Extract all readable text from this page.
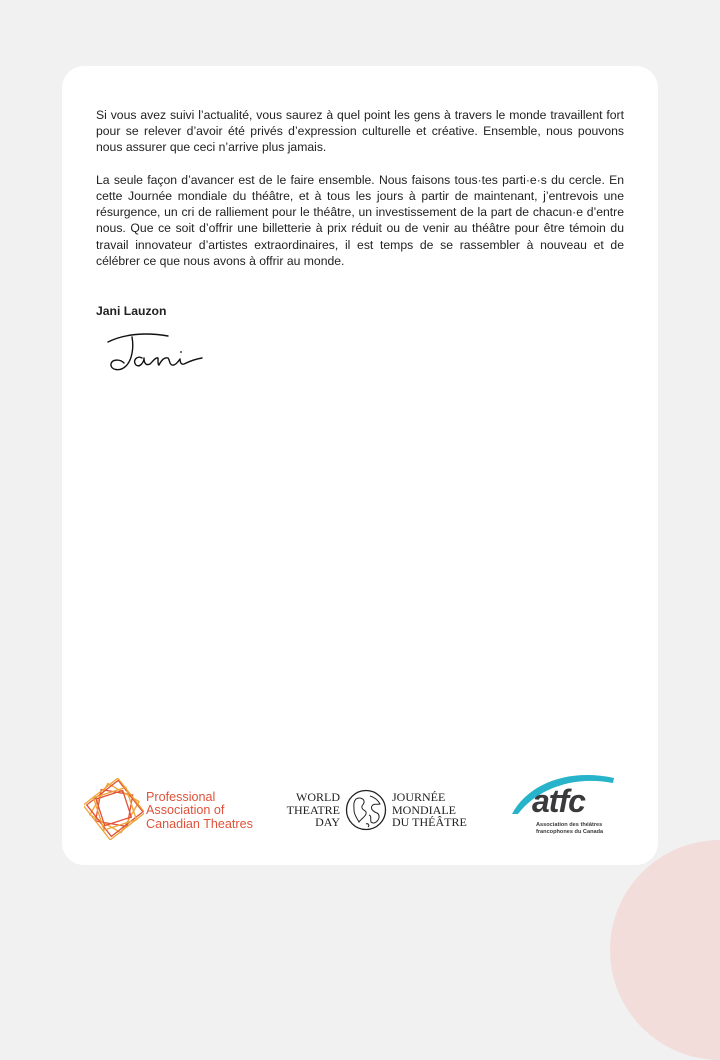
Si vous avez suivi l’actualité, vous saurez à quel point les gens à travers le monde travaillent fort pour se relever d’avoir été privés d’expression culturelle et créative. Ensemble, nous pouvons nous assurer que ceci n’arrive plus jamais.

La seule façon d’avancer est de le faire ensemble. Nous faisons tous·tes parti·e·s du cercle. En cette Journée mondiale du théâtre, et à tous les jours à partir de maintenant, j’entrevois une résurgence, un cri de ralliement pour le théâtre, un investissement de la part de chacun·e d’entre nous. Que ce soit d’offrir une billetterie à prix réduit ou de venir au théâtre pour être témoin du travail innovateur d’artistes extraordinaires, il est temps de se rassembler à nouveau et de célébrer ce que nous avons à offrir au monde.

Jani Lauzon
Professional
Association of
Canadian Theatres
WORLD
THEATRE
DAY
JOURNÉE
MONDIALE
DU THÉÂTRE
atfc
Association des théâtres
francophones du Canada
